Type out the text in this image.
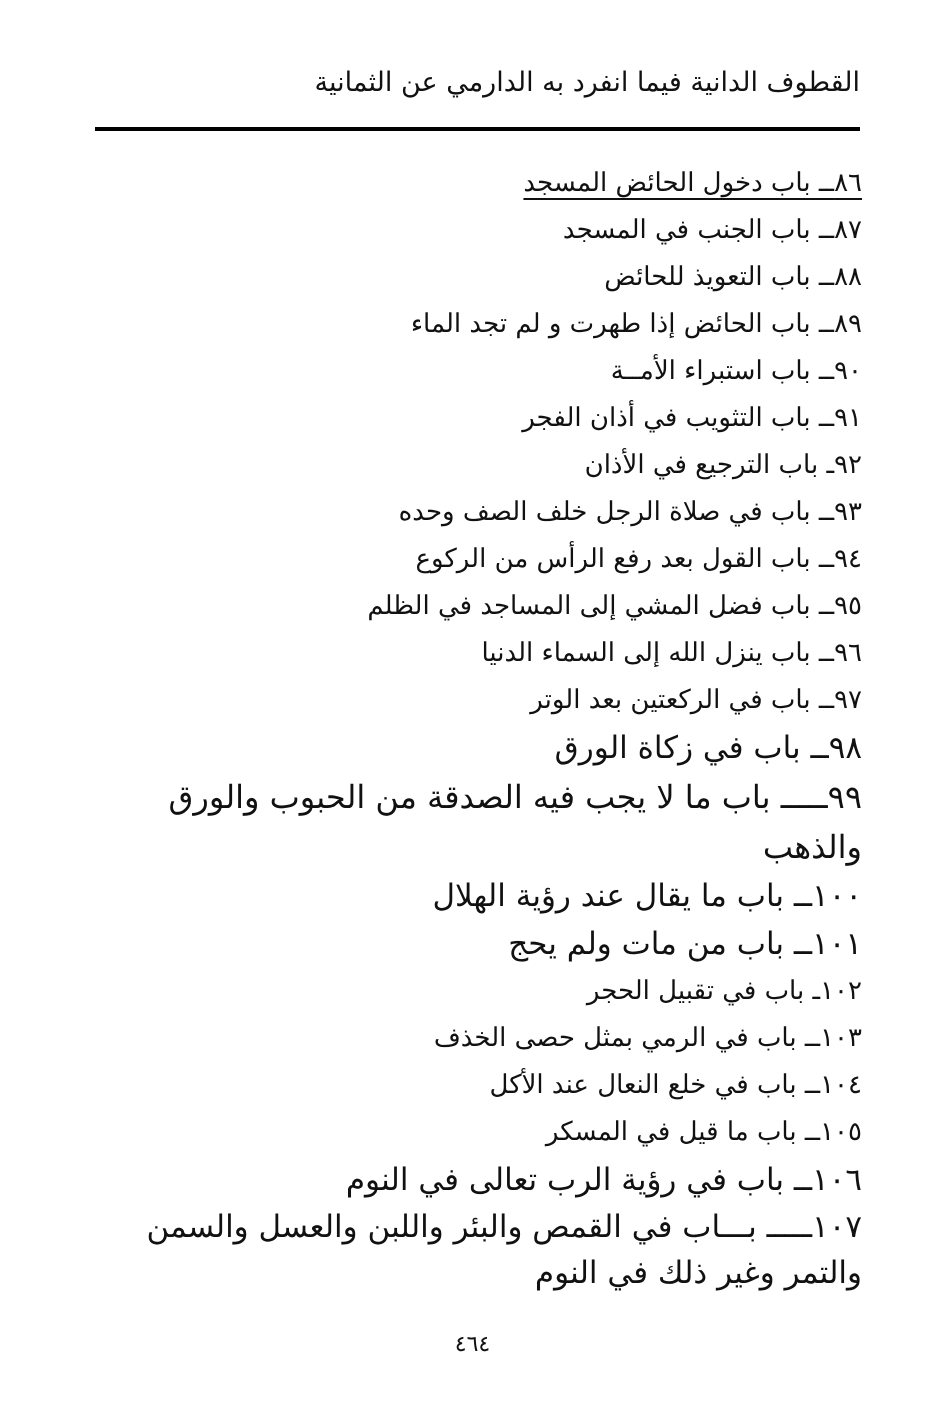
القطوف الدانية فيما انفرد به الدارمي عن الثمانية
٨٦ــ باب دخول الحائض المسجد
٨٧ــ باب الجنب في المسجد
٨٨ــ باب التعويذ للحائض
٨٩ــ باب الحائض إذا طهرت و لم تجد الماء
٩٠ــ باب استبراء الأمــة
٩١ــ باب التثويب في أذان الفجر
٩٢ـ باب الترجيع في الأذان
٩٣ــ باب في صلاة الرجل خلف الصف وحده
٩٤ــ باب القول بعد رفع الرأس من الركوع
٩٥ــ باب فضل المشي إلى المساجد في الظلم
٩٦ــ باب ينزل الله إلى السماء الدنيا
٩٧ــ باب في الركعتين بعد الوتر
٩٨ــ باب في زكاة الورق
٩٩ـــــ باب ما لا يجب فيه الصدقة من الحبوب والورق والذهب
١٠٠ــ باب ما يقال عند رؤية الهلال
١٠١ــ باب من مات ولم يحج
١٠٢ـ باب في تقبيل الحجر
١٠٣ــ باب في الرمي بمثل حصى الخذف
١٠٤ــ باب في خلع النعال عند الأكل
١٠٥ــ باب ما قيل في المسكر
١٠٦ــ باب في رؤية الرب تعالى في النوم
١٠٧ـــــ بـــاب في القمص والبئر واللبن والعسل والسمن والتمر وغير ذلك في النوم
٤٦٤
